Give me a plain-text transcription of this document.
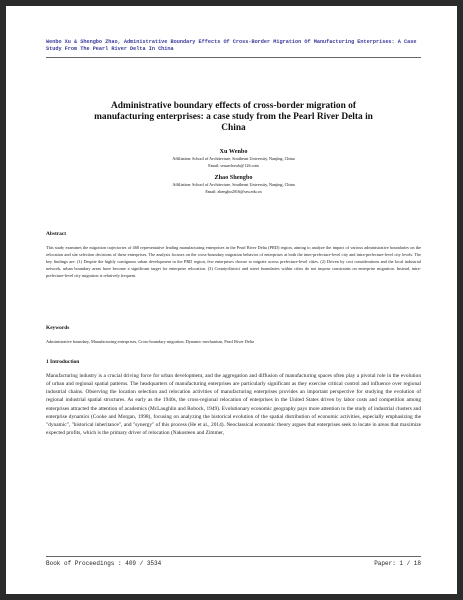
Wenbo Xu & Shengbo Zhao, Administrative Boundary Effects Of Cross-Border Migration Of Manufacturing Enterprises: A Case Study From The Pearl River Delta In China
Administrative boundary effects of cross-border migration of manufacturing enterprises: a case study from the Pearl River Delta in China
Xu Wenbo
Affiliation: School of Architecture, Southeast University, Nanjing, China
Email: seuarchxwb@126.com
Zhao Shengbo
Affiliation: School of Architecture, Southeast University, Nanjing, China
Email: zhengbo2016@seu.edu.cn
Abstract
This study examines the migration trajectories of 468 representative leading manufacturing enterprises in the Pearl River Delta (PRD) region, aiming to analyze the impact of various administrative boundaries on the relocation and site selection decisions of these enterprises. The analysis focuses on the cross-boundary migration behavior of enterprises at both the inter-prefecture-level city and intra-prefecture-level city levels. The key findings are: (1) Despite the highly contiguous urban development in the PRD region, few enterprises choose to migrate across prefecture-level cities. (2) Driven by cost considerations and the local industrial network, urban boundary areas have become a significant target for enterprise relocation. (3) County/district and street boundaries within cities do not impose constraints on enterprise migration. Instead, intra-prefecture-level city migration is relatively frequent.
Keywords
Administrative boundary, Manufacturing enterprises, Cross-boundary migration, Dynamic mechanism, Pearl River Delta
1 Introduction
Manufacturing industry is a crucial driving force for urban development, and the aggregation and diffusion of manufacturing spaces often play a pivotal role in the evolution of urban and regional spatial patterns. The headquarters of manufacturing enterprises are particularly significant as they exercise critical control and influence over regional industrial chains. Observing the location selection and relocation activities of manufacturing enterprises provides an important perspective for studying the evolution of regional industrial spatial structures. As early as the 1940s, the cross-regional relocation of enterprises in the United States driven by labor costs and competition among enterprises attracted the attention of academics (McLaughlin and Robock, 1949). Evolutionary economic geography pays more attention to the study of industrial clusters and enterprise dynamics (Cooke and Morgan, 1998), focusing on analyzing the historical evolution of the spatial distribution of economic activities, especially emphasizing the "dynamic", "historical inheritance", and "synergy" of this process (He et al., 2014). Neoclassical economic theory argues that enterprises seek to locate in areas that maximize expected profits, which is the primary driver of relocation (Nakosteen and Zimmer,
Book of Proceedings : 409 / 3534	Paper: 1 / 18
